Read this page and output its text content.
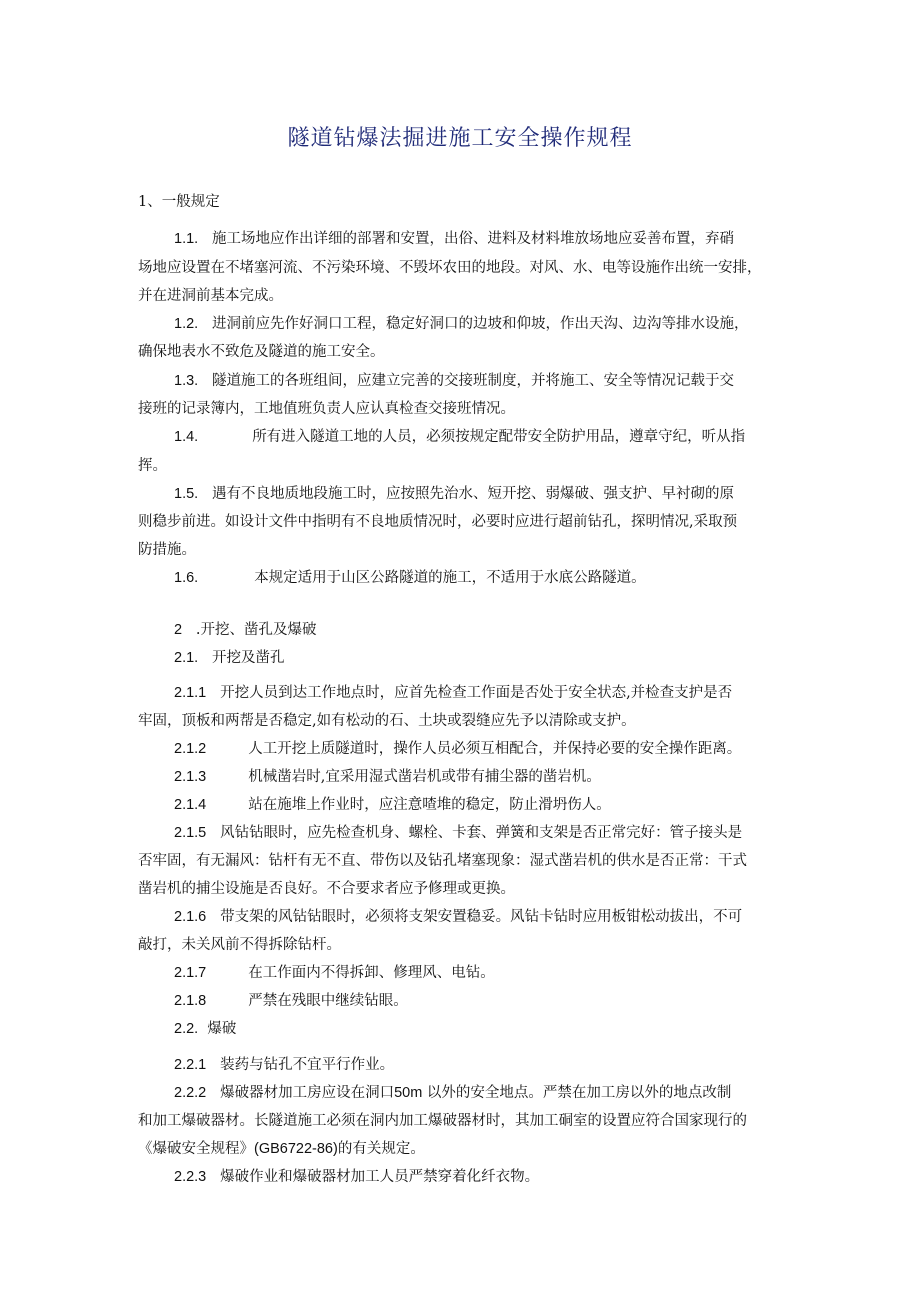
隧道钻爆法掘进施工安全操作规程
1、一般规定
1.1. 施工场地应作出详细的部署和安置，出俗、进料及材料堆放场地应妥善布置，弃硝
场地应设置在不堵塞河流、不污染环境、不毁坏农田的地段。对风、水、电等设施作出统一安排，
并在进洞前基本完成。
1.2. 进洞前应先作好洞口工程，稳定好洞口的边坡和仰坡，作出天沟、边沟等排水设施，
确保地表水不致危及隧道的施工安全。
1.3. 隧道施工的各班组间，应建立完善的交接班制度，并将施工、安全等情况记载于交
接班的记录簿内，工地值班负责人应认真检查交接班情况。
1.4.	所有进入隧道工地的人员，必须按规定配带安全防护用品，遵章守纪，听从指
挥。
1.5. 遇有不良地质地段施工时，应按照先治水、短开挖、弱爆破、强支护、早衬砌的原
则稳步前进。如设计文件中指明有不良地质情况时，必要时应进行超前钻孔，探明情况,采取预
防措施。
1.6.	本规定适用于山区公路隧道的施工，不适用于水底公路隧道。
2 .开挖、凿孔及爆破
2.1. 开挖及凿孔
2.1.1 开挖人员到达工作地点时，应首先检查工作面是否处于安全状态,并检查支护是否
牢固，顶板和两帮是否稳定,如有松动的石、土块或裂缝应先予以清除或支护。
2.1.2	人工开挖上质隧道时，操作人员必须互相配合，并保持必要的安全操作距离。
2.1.3	机械凿岩时,宜采用湿式凿岩机或带有捕尘器的凿岩机。
2.1.4	站在施堆上作业时，应注意喳堆的稳定，防止滑坍伤人。
2.1.5 风钻钻眼时，应先检查机身、螺栓、卡套、弹簧和支架是否正常完好：管子接头是
否牢固，有无漏风：钻杆有无不直、带伤以及钻孔堵塞现象：湿式凿岩机的供水是否正常：干式
凿岩机的捕尘设施是否良好。不合要求者应予修理或更换。
2.1.6 带支架的风钻钻眼时，必须将支架安置稳妥。风钻卡钻时应用板钳松动拔出，不可
敲打，未关风前不得拆除钻杆。
2.1.7	在工作面内不得拆卸、修理风、电钻。
2.1.8	严禁在残眼中继续钻眼。
2.2. 爆破
2.2.1 装药与钻孔不宜平行作业。
2.2.2 爆破器材加工房应设在洞口50m 以外的安全地点。严禁在加工房以外的地点改制
和加工爆破器材。长隧道施工必须在洞内加工爆破器材时，其加工硐室的设置应符合国家现行的
《爆破安全规程》(GB6722-86)的有关规定。
2.2.3 爆破作业和爆破器材加工人员严禁穿着化纤衣物。
